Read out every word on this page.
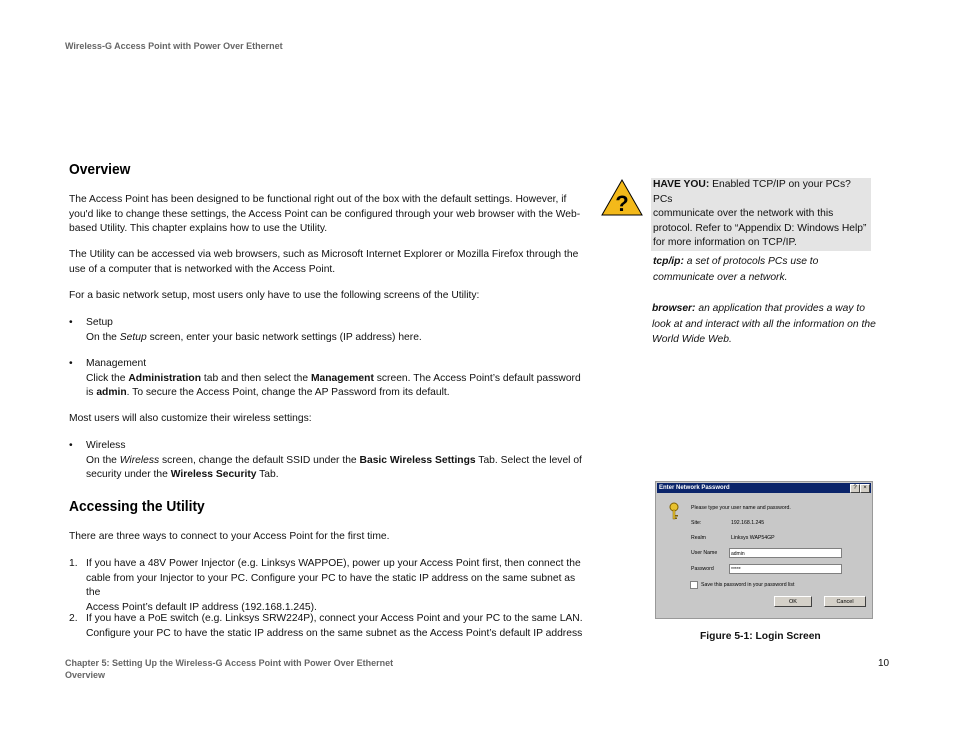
Wireless-G Access Point with Power Over Ethernet
Overview
The Access Point has been designed to be functional right out of the box with the default settings. However, if
you'd like to change these settings, the Access Point can be configured through your web browser with the Web-
based Utility. This chapter explains how to use the Utility.
The Utility can be accessed via web browsers, such as Microsoft Internet Explorer or Mozilla Firefox through the
use of a computer that is networked with the Access Point.
For a basic network setup, most users only have to use the following screens of the Utility:
• Setup
On the Setup screen, enter your basic network settings (IP address) here.
• Management
Click the Administration tab and then select the Management screen. The Access Point’s default password
is admin. To secure the Access Point, change the AP Password from its default.
Most users will also customize their wireless settings:
• Wireless
On the Wireless screen, change the default SSID under the Basic Wireless Settings Tab. Select the level of
security under the Wireless Security Tab.
Accessing the Utility
There are three ways to connect to your Access Point for the first time.
1. If you have a 48V Power Injector (e.g. Linksys WAPPOE), power up your Access Point first, then connect the
cable from your Injector to your PC. Configure your PC to have the static IP address on the same subnet as the
Access Point’s default IP address (192.168.1.245).
2. If you have a PoE switch (e.g. Linksys SRW224P), connect your Access Point and your PC to the same LAN.
Configure your PC to have the static IP address on the same subnet as the Access Point’s default IP address
?
HAVE YOU: Enabled TCP/IP on your PCs? PCs
communicate over the network with this
protocol. Refer to “Appendix D: Windows Help”
for more information on TCP/IP.
tcp/ip: a set of protocols PCs use to
communicate over a network.
browser: an application that provides a way to
look at and interact with all the information on the
World Wide Web.
Enter Network Password	?	×
Please type your user name and password.
Site:	192.168.1.245
Realm	Linksys WAP54GP
User Name	admin
Password	*****
Save this password in your password list
OK	Cancel
Figure 5-1: Login Screen
Chapter 5: Setting Up the Wireless-G Access Point with Power Over Ethernet
Overview
10
